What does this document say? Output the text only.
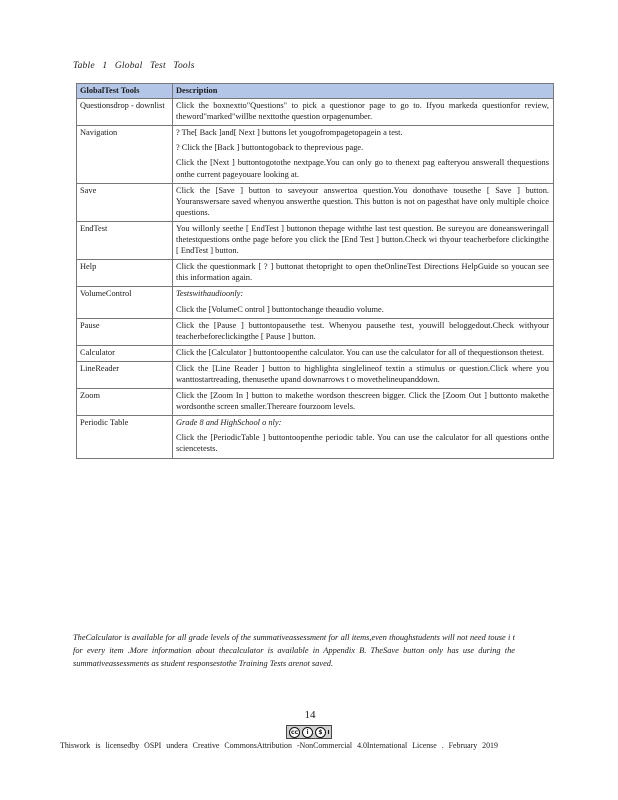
Table 1 Global Test Tools
GlobalTest Tools	Description
Questionsdrop - downlist	Click the boxnextto"Questions" to pick a questionor page to go to. Ifyou markeda questionfor review, theword"marked"willbe nexttothe question orpagenumber.

Navigation	? The[ Back ]and[ Next ] buttons let yougofrompagetopagein a test.
? Click the [Back ] buttontogoback to theprevious page.
Click the [Next ] buttontogotothe nextpage.You can only go to thenext pag eafteryou answerall thequestions onthe current pageyouare looking at.

Save	Click the [Save ] button to saveyour answertoa question.You donothave tousethe [ Save ] button. Youranswersare saved whenyou answerthe question. This button is not on pagesthat have only multiple choice questions.

EndTest	You willonly seethe [ EndTest ] buttonon thepage withthe last test question. Be sureyou are doneansweringall thetestquestions onthe page before you click the [End Test ] button.Check wi thyour teacherbefore clickingthe [ EndTest ] button.

Help	Click the questionmark [ ? ] buttonat thetopright to open theOnlineTest Directions HelpGuide so youcan see this information again.

VolumeControl	Testswithaudioonly:
Click the [VolumeC ontrol ] buttontochange theaudio volume.

Pause	Click the [Pause ] buttontopausethe test. Whenyou pausethe test, youwill beloggedout.Check withyour teacherbeforeclickingthe [ Pause ] button.

Calculator	Click the [Calculator ] buttontoopenthe calculator. You can use the calculator for all of thequestionson thetest.

LineReader	Click the [Line Reader ] button to highlighta singlelineof textin a stimulus or question.Click where you wanttostartreading, thenusethe upand downarrows t o movethelineupanddown.

Zoom	Click the [Zoom In ] button to makethe wordson thescreen bigger. Click the [Zoom Out ] buttonto makethe wordsonthe screen smaller.Thereare fourzoom levels.

Periodic Table	Grade 8 and HighSchool o nly:
Click the [PeriodicTable ] buttontoopenthe periodic table. You can use the calculator for all questions onthe sciencetests.
TheCalculator is available for all grade levels of the summativeassessment for all items,even thoughstudents will not need touse i t for every item .More information about thecalculator is available in Appendix B. TheSave button only has use during the summativeassessments as student responsestothe Training Tests arenot saved.
14
cc	i	$
Thiswork is licensedby OSPI undera Creative CommonsAttribution -NonCommercial 4.0International License . February 2019
